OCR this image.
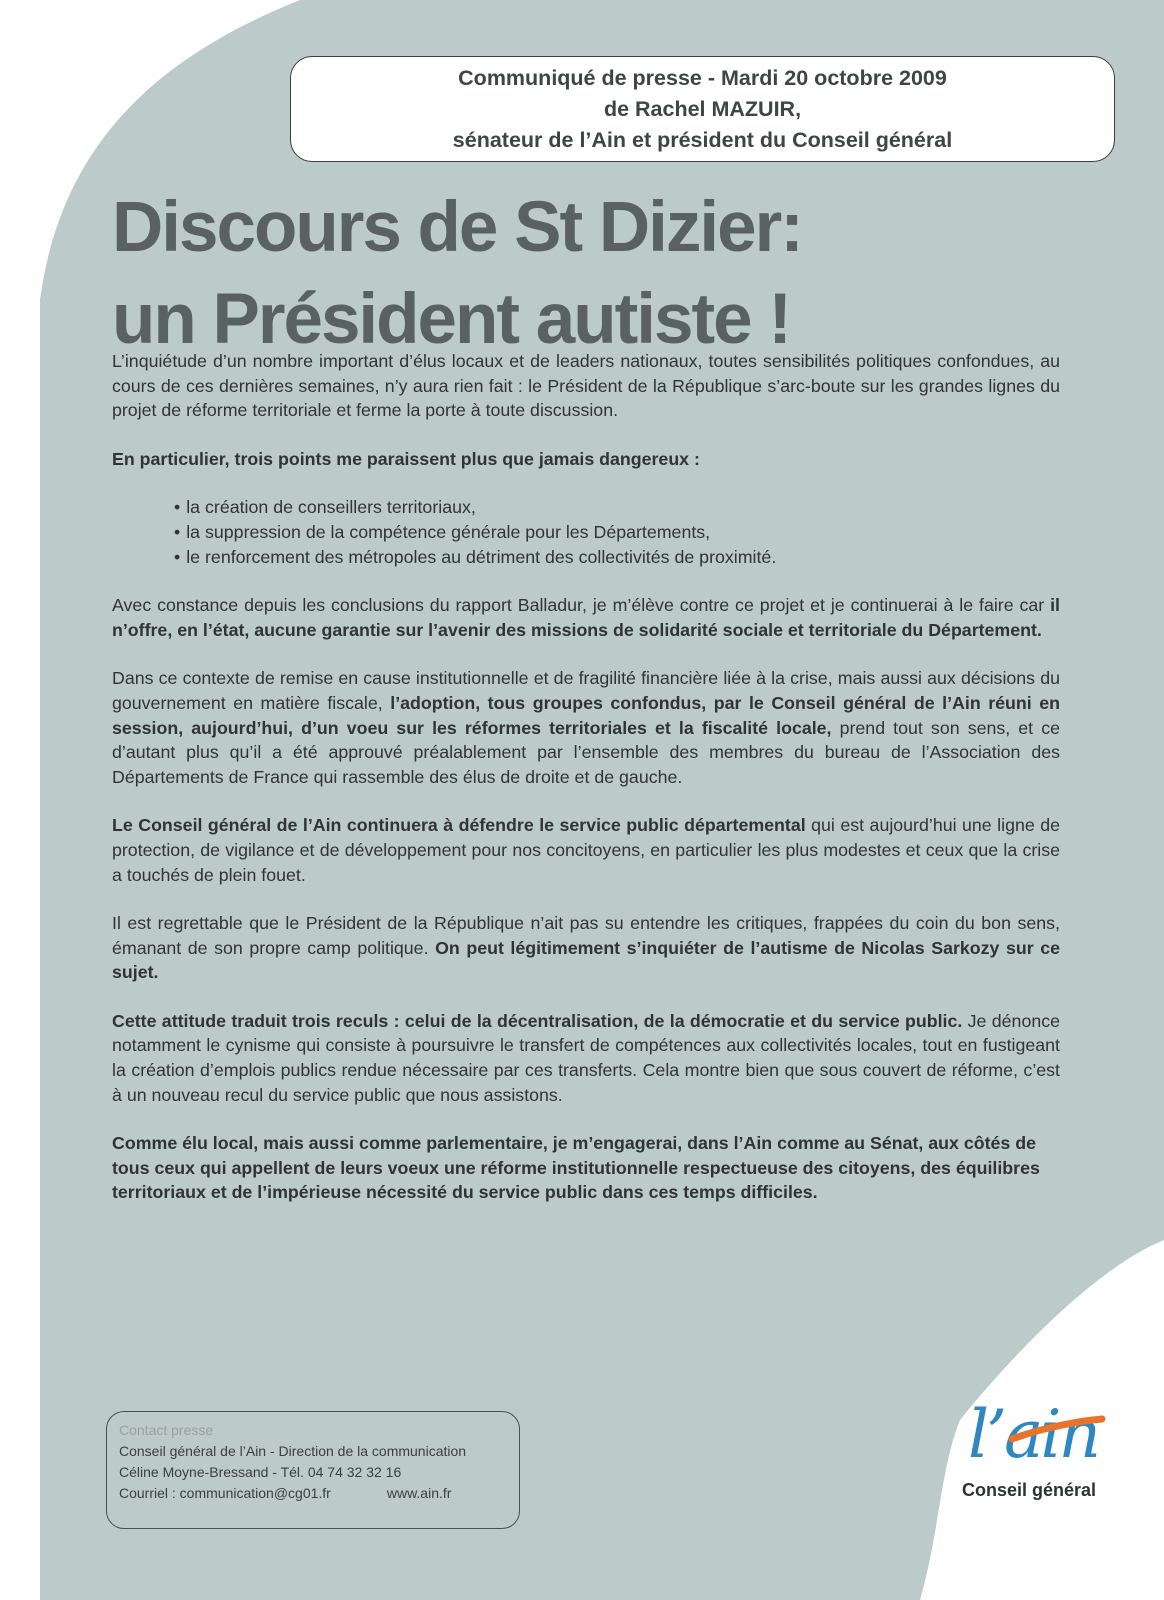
Communiqué de presse - Mardi 20 octobre 2009
de Rachel MAZUIR,
sénateur de l’Ain et président du Conseil général
Discours de St Dizier:
un Président autiste !

L’inquiétude d’un nombre important d’élus locaux et de leaders nationaux, toutes sensibilités politiques confondues, au cours de ces dernières semaines, n’y aura rien fait : le Président de la République s’arc-boute sur les grandes lignes du projet de réforme territoriale et ferme la porte à toute discussion.

En particulier, trois points me paraissent plus que jamais dangereux :

• la création de conseillers territoriaux,
• la suppression de la compétence générale pour les Départements,
• le renforcement des métropoles au détriment des collectivités de proximité.

Avec constance depuis les conclusions du rapport Balladur, je m’élève contre ce projet et je continuerai à le faire car il n’offre, en l’état, aucune garantie sur l’avenir des missions de solidarité sociale et territoriale du Département.

Dans ce contexte de remise en cause institutionnelle et de fragilité financière liée à la crise, mais aussi aux décisions du gouvernement en matière fiscale, l’adoption, tous groupes confondus, par le Conseil général de l’Ain réuni en session, aujourd’hui, d’un voeu sur les réformes territoriales et la fiscalité locale, prend tout son sens, et ce d’autant plus qu’il a été approuvé préalablement par l’ensemble des membres du bureau de l’Association des Départements de France qui rassemble des élus de droite et de gauche.

Le Conseil général de l’Ain continuera à défendre le service public départemental qui est aujourd’hui une ligne de protection, de vigilance et de développement pour nos concitoyens, en particulier les plus modestes et ceux que la crise a touchés de plein fouet.

Il est regrettable que le Président de la République n’ait pas su entendre les critiques, frappées du coin du bon sens, émanant de son propre camp politique. On peut légitimement s’inquiéter de l’autisme de Nicolas Sarkozy sur ce sujet.

Cette attitude traduit trois reculs : celui de la décentralisation, de la démocratie et du service public. Je dénonce notamment le cynisme qui consiste à poursuivre le transfert de compétences aux collectivités locales, tout en fustigeant la création d’emplois publics rendue nécessaire par ces transferts. Cela montre bien que sous couvert de réforme, c’est à un nouveau recul du service public que nous assistons.

Comme élu local, mais aussi comme parlementaire, je m’engagerai, dans l’Ain comme au Sénat, aux côtés de tous ceux qui appellent de leurs voeux une réforme institutionnelle respectueuse des citoyens, des équilibres territoriaux et de l’impérieuse nécessité du service public dans ces temps difficiles.

Contact presse
Conseil général de l’Ain - Direction de la communication
Céline Moyne-Bressand - Tél. 04 74 32 32 16
Courriel : communication@cg01.fr	www.ain.fr
l’ain
Conseil général
